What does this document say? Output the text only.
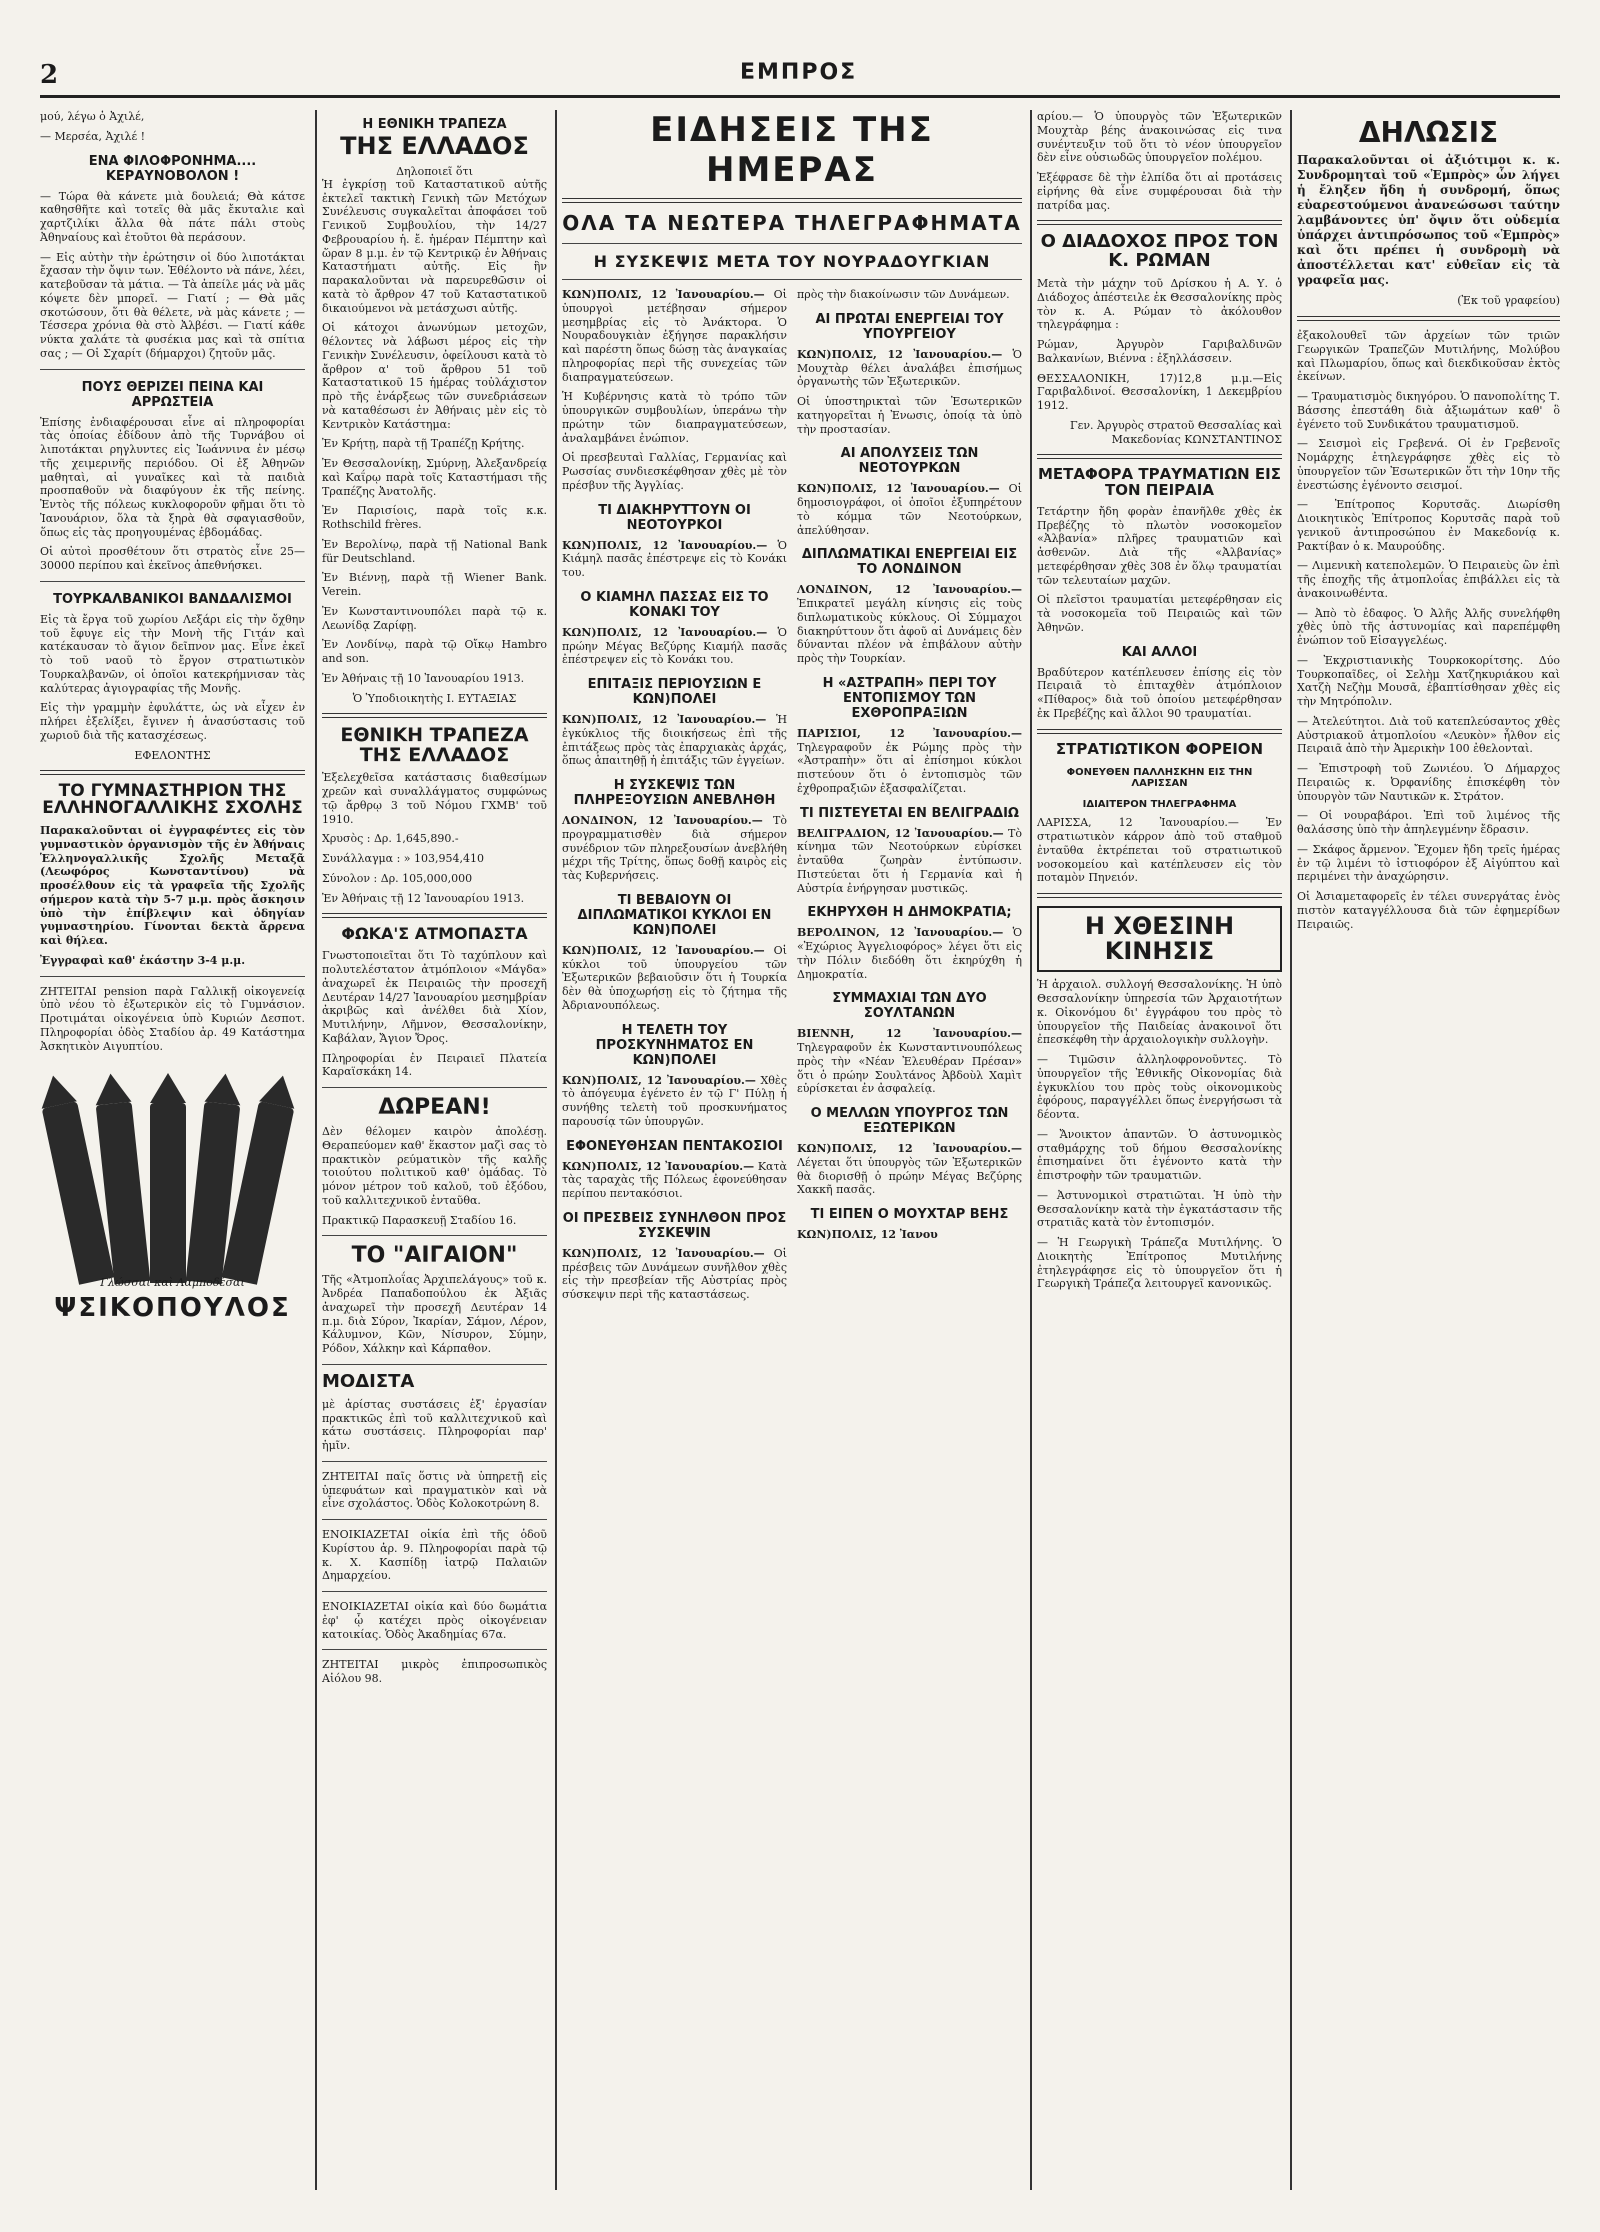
2	ΕΜΠΡΟΣ

μού, λέγω ὁ Ἀχιλέ,

— Μερσέα, Ἀχιλέ !

ΕΝΑ ΦΙΛΟΦΡΟΝΗΜΑ.... ΚΕΡΑΥΝΟΒΟΛΟΝ !

— Τώρα θὰ κάνετε μιὰ δουλειά; Θὰ κάτσε καθησθῆτε καὶ τοτεῖς θὰ μᾶς ἔκυταλιε καὶ χαρτζιλίκι ἄλλα θὰ πάτε πάλι στοὺς Ἀθηναίους καὶ ἐτοῦτοι θὰ περάσουν.

— Εἰς αὐτὴν τὴν ἐρώτησιν οἱ δύο λιποτάκται ἔχασαν τὴν ὄψιν των. Ἐθέλοντο νὰ πάνε, λέει, κατεβοῦσαν τὰ μάτια. — Τὰ ἀπείλε μάς νὰ μᾶς κόψετε δὲν μπορεῖ. — Γιατί ; — Θὰ μᾶς σκοτώσουν, ὅτι θὰ θέλετε, νὰ μὰς κάνετε ; — Τέσσερα χρόνια θὰ στὸ Ἀλβέσι. — Γιατί κάθε νύκτα χαλάτε τὰ φυσέκια μας καὶ τὰ σπίτια σας ; — Οἱ Σχαρίτ (δήμαρχοι) ζητοῦν μᾶς.

ΠΟΥΣ ΘΕΡΙΖΕΙ ΠΕΙΝΑ ΚΑΙ ΑΡΡΩΣΤΕΙΑ

Ἐπίσης ἐνδιαφέρουσαι εἶνε αἱ πληροφορίαι τὰς ὁποίας ἐδίδουν ἀπὸ τῆς Τυρνάβου οἱ λιποτάκται ρηγλυντες εἰς Ἰωάννινα ἐν μέσῳ τῆς χειμερινῆς περιόδου. Οἱ ἐξ Ἀθηνῶν μαθηταὶ, αἱ γυναῖκες καὶ τὰ παιδιὰ προσπαθοῦν νὰ διαφύγουν ἐκ τῆς πείνης. Ἐντὸς τῆς πόλεως κυκλοφοροῦν φῆμαι ὅτι τὸ Ἰανουάριον, ὅλα τὰ ξηρὰ θὰ σφαγιασθοῦν, ὅπως εἰς τὰς προηγουμένας ἐβδομάδας.

Οἱ αὐτοὶ προσθέτουν ὅτι στρατὸς εἶνε 25—30000 περίπου καὶ ἐκεῖνος ἀπεθνήσκει.

ΤΟΥΡΚΑΛΒΑΝΙΚΟΙ ΒΑΝΔΑΛΙΣΜΟΙ

Εἰς τὰ ἔργα τοῦ χωρίου Λεξάρι εἰς τὴν ὄχθην τοῦ ἔφυγε εἰς τὴν Μονὴ τῆς Γιτάν καὶ κατέκαυσαν τὸ ἅγιον δεῖπνον μας. Εἶνε ἐκεῖ τὸ τοῦ ναοῦ τὸ ἔργον στρατιωτικὸν Τουρκαλβανῶν, οἱ ὁποῖοι κατεκρήμνισαν τὰς καλύτερας ἀγιογραφίας τῆς Μονῆς.

Εἰς τὴν γραμμὴν ἐφυλάττε, ὡς νὰ εἶχεν ἐν πλήρει ἐξελίξει, ἔγινεν ἡ ἀνασύστασις τοῦ χωριοῦ διὰ τῆς κατασχέσεως.

ΕΦΕΛΟΝΤΗΣ
ΤΟ ΓΥΜΝΑΣΤΗΡΙΟΝ ΤΗΣ ΕΛΛΗΝΟΓΑΛΛΙΚΗΣ ΣΧΟΛΗΣ

Παρακαλοῦνται οἱ ἐγγραφέντες εἰς τὸν γυμναστικὸν ὀργανισμὸν τῆς ἐν Ἀθήναις Ἑλληνογαλλικῆς Σχολῆς Μεταξᾶ (Λεωφόρος Κωνσταντίνου) νὰ προσέλθουν εἰς τὰ γραφεῖα τῆς Σχολῆς σήμερον κατὰ τὴν 5-7 μ.μ. πρὸς ἄσκησιν ὑπὸ τὴν ἐπίβλεψιν καὶ ὁδηγίαν γυμναστηρίου. Γίνονται δεκτὰ ἄρρενα καὶ θήλεα.

Ἐγγραφαὶ καθ' ἑκάστην 3-4 μ.μ.

ΖΗΤΕΙΤΑΙ pension παρὰ Γαλλικῇ οἰκογενείᾳ ὑπὸ νέου τὸ ἐξωτερικὸν εἰς τὸ Γυμνάσιον. Προτιμάται οἰκογένεια ὑπὸ Κυριών Δεσποτ. Πληροφορίαι ὁδὸς Σταδίου ἀρ. 49 Κατάστημα Ἀσκητικὸν Αιγυπτίου.

Γλώσσαι καὶ Λαμποδέσαι
ΨΣΙΚΟΠΟΥΛΟΣ
Η ΕΘΝΙΚΗ ΤΡΑΠΕΖΑ
ΤΗΣ ΕΛΛΑΔΟΣ
Δηλοποιεῖ ὅτι

Ἡ ἐγκρίσῃ τοῦ Καταστατικοῦ αὐτῆς ἐκτελεῖ τακτικὴ Γενικὴ τῶν Μετόχων Συνέλευσις συγκαλεῖται ἀποφάσει τοῦ Γενικοῦ Συμβουλίου, τὴν 14/27 Φεβρουαρίου ἡ. ἔ. ἡμέραν Πέμπτην καὶ ὥραν 8 μ.μ. ἐν τῷ Κεντρικῷ ἐν Ἀθήναις Καταστήματι αὐτῆς. Εἰς ἣν παρακαλοῦνται νὰ παρευρεθῶσιν οἱ κατὰ τὸ ἄρθρον 47 τοῦ Καταστατικοῦ δικαιούμενοι νὰ μετάσχωσι αὐτῆς.

Οἱ κάτοχοι ἀνωνύμων μετοχῶν, θέλοντες νὰ λάβωσι μέρος εἰς τὴν Γενικὴν Συνέλευσιν, ὀφείλουσι κατὰ τὸ ἄρθρον α' τοῦ ἄρθρου 51 τοῦ Καταστατικοῦ 15 ἡμέρας τοὐλάχιστον πρὸ τῆς ἐνάρξεως τῶν συνεδριάσεων νὰ καταθέσωσι ἐν Ἀθήναις μὲν εἰς τὸ Κεντρικὸν Κατάστημα:

Ἐν Κρήτῃ, παρὰ τῇ Τραπέζῃ Κρήτης.

Ἐν Θεσσαλονίκῃ, Σμύρνῃ, Ἀλεξανδρείᾳ καὶ Καΐρῳ παρὰ τοῖς Καταστήμασι τῆς Τραπέζης Ἀνατολῆς.

Ἐν Παρισίοις, παρὰ τοῖς κ.κ. Rothschild frères.

Ἐν Βερολίνῳ, παρὰ τῇ National Bank für Deutschland.

Ἐν Βιέννῃ, παρὰ τῇ Wiener Bank. Verein.

Ἐν Κωνσταντινουπόλει παρὰ τῷ κ. Λεωνίδᾳ Ζαρίφῃ.

Ἐν Λονδίνῳ, παρὰ τῷ Οἴκῳ Hambro and son.

Ἐν Ἀθήναις τῇ 10 Ἰανουαρίου 1913.

Ὁ Ὑποδιοικητὴς Ι. ΕΥΤΑΞΙΑΣ
ΕΘΝΙΚΗ ΤΡΑΠΕΖΑ ΤΗΣ ΕΛΛΑΔΟΣ

Ἐξελεχθεῖσα κατάστασις διαθεσίμων χρεῶν καὶ συναλλάγματος συμφώνως τῷ ἄρθρῳ 3 τοῦ Νόμου ΓΧΜΒ' τοῦ 1910.

Χρυσὸς : Δρ. 1,645,890.-

Συνάλλαγμα : » 103,954,410

Σύνολον : Δρ. 105,000,000

Ἐν Ἀθήναις τῇ 12 Ἰανουαρίου 1913.

ΦΩΚΑ'Σ ΑΤΜΟΠΑΣΤΑ

Γνωστοποιεῖται ὅτι Τὸ ταχύπλουν καὶ πολυτελέστατον ἀτμόπλοιον «Μάγδα» ἀναχωρεῖ ἐκ Πειραιῶς τὴν προσεχῆ Δευτέραν 14/27 Ἰανουαρίου μεσημβρίαν ἀκριβῶς καὶ ἀνέλθει διὰ Χίον, Μυτιλήνην, Λῆμνον, Θεσσαλονίκην, Καβάλαν, Ἄγιον Ὄρος.

Πληροφορίαι ἐν Πειραιεῖ Πλατεία Καραϊσκάκη 14.

ΔΩΡΕΑΝ!

Δὲν θέλομεν καιρὸν ἀπολέσῃ. Θεραπεύομεν καθ' ἕκαστον μαζὶ σας τὸ πρακτικὸν ρεύματικὸν τῆς καλῆς τοιούτου πολιτικοῦ καθ' ὁμάδας. Τὸ μόνον μέτρον τοῦ καλοῦ, τοῦ ἐξόδου, τοῦ καλλιτεχνικοῦ ἐνταῦθα.

Πρακτικῷ Παρασκευῇ Σταδίου 16.

ΤΟ "ΑΙΓΑΙΟΝ"

Τῆς «Ἀτμοπλοΐας Ἀρχιπελάγους» τοῦ κ. Ἀνδρέα Παπαδοπούλου ἐκ Ἀξιᾶς ἀναχωρεῖ τὴν προσεχῆ Δευτέραν 14 π.μ. διὰ Σύρον, Ἰκαρίαν, Σάμον, Λέρον, Κάλυμνον, Κῶν, Νίσυρον, Σύμην, Ρόδον, Χάλκην καὶ Κάρπαθον.

ΜΟΔΙΣΤΑ

μὲ ἀρίστας συστάσεις ἐξ' ἐργασίαν πρακτικῶς ἐπὶ τοῦ καλλιτεχνικοῦ καὶ κάτω συστάσεις. Πληροφορίαι παρ' ἡμῖν.

ΖΗΤΕΙΤΑΙ παῖς ὅστις νὰ ὑπηρετῇ εἰς ὑπεφυάτων καὶ πραγματικὸν καὶ νὰ εἶνε σχολάστος. Ὁδὸς Κολοκοτρώνη 8.

ΕΝΟΙΚΙΑΖΕΤΑΙ οἰκία ἐπὶ τῆς ὁδοῦ Κυρίστου ἀρ. 9. Πληροφορίαι παρὰ τῷ κ. Χ. Κασπίδῃ ἰατρῷ Παλαιῶν Δημαρχείου.

ΕΝΟΙΚΙΑΖΕΤΑΙ οἰκία καὶ δύο δωμάτια ἐφ' ᾧ κατέχει πρὸς οἰκογένειαν κατοικίας. Ὁδὸς Ἀκαδημίας 67α.

ΖΗΤΕΙΤΑΙ μικρὸς ἐπιπροσωπικὸς Αἰόλου 98.

ΕΙΔΗΣΕΙΣ ΤΗΣ ΗΜΕΡΑΣ
ΟΛΑ ΤΑ ΝΕΩΤΕΡΑ ΤΗΛΕΓΡΑΦΗΜΑΤΑ
Η ΣΥΣΚΕΨΙΣ ΜΕΤΑ ΤΟΥ ΝΟΥΡΑΔΟΥΓΚΙΑΝ

ΚΩΝ)ΠΟΛΙΣ, 12 Ἰανουαρίου.— Οἱ ὑπουργοὶ μετέβησαν σήμερον μεσημβρίας εἰς τὸ Ἀνάκτορα. Ὁ Νουραδουγκιὰν ἐξήγησε παρακλήσιν καὶ παρέστη ὅπως δώσῃ τὰς ἀναγκαίας πληροφορίας περὶ τῆς συνεχείας τῶν διαπραγματεύσεων.

Ἡ Κυβέρνησις κατὰ τὸ τρόπο τῶν ὑπουργικῶν συμβουλίων, ὑπεράνω τὴν πρώτην τῶν διαπραγματεύσεων, ἀναλαμβάνει ἐνώπιον.

Οἱ πρεσβευταὶ Γαλλίας, Γερμανίας καὶ Ρωσσίας συνδιεσκέφθησαν χθὲς μὲ τὸν πρέσβυν τῆς Ἀγγλίας.

ΤΙ ΔΙΑΚΗΡΥΤΤΟΥΝ ΟΙ ΝΕΟΤΟΥΡΚΟΙ

ΚΩΝ)ΠΟΛΙΣ, 12 Ἰανουαρίου.— Ὁ Κιάμηλ πασᾶς ἐπέστρεψε εἰς τὸ Κονάκι του.

Ο ΚΙΑΜΗΛ ΠΑΣΣΑΣ ΕΙΣ ΤΟ ΚΟΝΑΚΙ ΤΟΥ

ΚΩΝ)ΠΟΛΙΣ, 12 Ἰανουαρίου.— Ὁ πρώην Μέγας Βεζύρης Κιαμήλ πασᾶς ἐπέστρεψεν εἰς τὸ Κονάκι του.

ΕΠΙΤΑΞΙΣ ΠΕΡΙΟΥΣΙΩΝ Ε ΚΩΝ)ΠΟΛΕΙ

ΚΩΝ)ΠΟΛΙΣ, 12 Ἰανουαρίου.— Ἡ ἐγκύκλιος τῆς διοικήσεως ἐπὶ τῆς ἐπιτάξεως πρὸς τὰς ἐπαρχιακὰς ἀρχάς, ὅπως ἀπαιτηθῇ ἡ ἐπιτάξις τῶν ἐγγείων.

Η ΣΥΣΚΕΨΙΣ ΤΩΝ ΠΛΗΡΕΞΟΥΣΙΩΝ ΑΝΕΒΛΗΘΗ

ΛΟΝΔΙΝΟΝ, 12 Ἰανουαρίου.— Τὸ προγραμματισθὲν διὰ σήμερον συνέδριον τῶν πληρεξουσίων ἀνεβλήθη μέχρι τῆς Τρίτης, ὅπως δοθῇ καιρὸς εἰς τὰς Κυβερνήσεις.

ΤΙ ΒΕΒΑΙΟΥΝ ΟΙ ΔΙΠΛΩΜΑΤΙΚΟΙ ΚΥΚΛΟΙ ΕΝ ΚΩΝ)ΠΟΛΕΙ

ΚΩΝ)ΠΟΛΙΣ, 12 Ἰανουαρίου.— Οἱ κύκλοι τοῦ ὑπουργείου τῶν Ἐξωτερικῶν βεβαιοῦσιν ὅτι ἡ Τουρκία δὲν θὰ ὑποχωρήσῃ εἰς τὸ ζήτημα τῆς Ἀδριανουπόλεως.

Η ΤΕΛΕΤΗ ΤΟΥ ΠΡΟΣΚΥΝΗΜΑΤΟΣ ΕΝ ΚΩΝ)ΠΟΛΕΙ

ΚΩΝ)ΠΟΛΙΣ, 12 Ἰανουαρίου.— Χθὲς τὸ ἀπόγευμα ἐγένετο ἐν τῷ Γ' Πύλῃ ἡ συνήθης τελετὴ τοῦ προσκυνήματος παρουσίᾳ τῶν ὑπουργῶν.

ΕΦΟΝΕΥΘΗΣΑΝ ΠΕΝΤΑΚΟΣΙΟΙ

ΚΩΝ)ΠΟΛΙΣ, 12 Ἰανουαρίου.— Κατὰ τὰς ταραχὰς τῆς Πόλεως ἐφονεύθησαν περίπου πεντακόσιοι.

ΟΙ ΠΡΕΣΒΕΙΣ ΣΥΝΗΛΘΟΝ ΠΡΟΣ ΣΥΣΚΕΨΙΝ

ΚΩΝ)ΠΟΛΙΣ, 12 Ἰανουαρίου.— Οἱ πρέσβεις τῶν Δυνάμεων συνῆλθον χθὲς εἰς τὴν πρεσβείαν τῆς Αὐστρίας πρὸς σύσκεψιν περὶ τῆς καταστάσεως.

πρὸς τὴν διακοίνωσιν τῶν Δυνάμεων.

ΑΙ ΠΡΩΤΑΙ ΕΝΕΡΓΕΙΑΙ ΤΟΥ ΥΠΟΥΡΓΕΙΟΥ

ΚΩΝ)ΠΟΛΙΣ, 12 Ἰανουαρίου.— Ὁ Μουχτὰρ θέλει ἀναλάβει ἐπισήμως ὀργανωτὴς τῶν Ἐξωτερικῶν.

Οἱ ὑποστηρικταὶ τῶν Ἐσωτερικῶν κατηγορεῖται ἡ Ἐνωσις, ὁποίᾳ τὰ ὑπὸ τὴν προστασίαν.

ΑΙ ΑΠΟΛΥΣΕΙΣ ΤΩΝ ΝΕΟΤΟΥΡΚΩΝ

ΚΩΝ)ΠΟΛΙΣ, 12 Ἰανουαρίου.— Οἱ δημοσιογράφοι, οἱ ὁποῖοι ἐξυπηρέτουν τὸ κόμμα τῶν Νεοτούρκων, ἀπελύθησαν.

ΔΙΠΛΩΜΑΤΙΚΑΙ ΕΝΕΡΓΕΙΑΙ ΕΙΣ ΤΟ ΛΟΝΔΙΝΟΝ

ΛΟΝΔΙΝΟΝ, 12 Ἰανουαρίου.— Ἐπικρατεῖ μεγάλη κίνησις εἰς τοὺς διπλωματικοὺς κύκλους. Οἱ Σύμμαχοι διακηρύττουν ὅτι ἀφοῦ αἱ Δυνάμεις δὲν δύνανται πλέον νὰ ἐπιβάλουν αὐτὴν πρὸς τὴν Τουρκίαν.

Η «ΑΣΤΡΑΠΗ» ΠΕΡΙ ΤΟΥ ΕΝΤΟΠΙΣΜΟΥ ΤΩΝ ΕΧΘΡΟΠΡΑΞΙΩΝ

ΠΑΡΙΣΙΟΙ, 12 Ἰανουαρίου.— Τηλεγραφοῦν ἐκ Ρώμης πρὸς τὴν «Ἀστραπὴν» ὅτι αἱ ἐπίσημοι κύκλοι πιστεύουν ὅτι ὁ ἐντοπισμὸς τῶν ἐχθροπραξιῶν ἐξασφαλίζεται.

ΤΙ ΠΙΣΤΕΥΕΤΑΙ ΕΝ ΒΕΛΙΓΡΑΔΙΩ

ΒΕΛΙΓΡΑΔΙΟΝ, 12 Ἰανουαρίου.— Τὸ κίνημα τῶν Νεοτούρκων εὑρίσκει ἐνταῦθα ζωηρὰν ἐντύπωσιν. Πιστεύεται ὅτι ἡ Γερμανία καὶ ἡ Αὐστρία ἐνήργησαν μυστικῶς.

ΕΚΗΡΥΧΘΗ Η ΔΗΜΟΚΡΑΤΙΑ;

ΒΕΡΟΛΙΝΟΝ, 12 Ἰανουαρίου.— Ὁ «Ἐχώριος Ἀγγελιοφόρος» λέγει ὅτι εἰς τὴν Πόλιν διεδόθη ὅτι ἐκηρύχθη ἡ Δημοκρατία.

ΣΥΜΜΑΧΙΑΙ ΤΩΝ ΔΥΟ ΣΟΥΛΤΑΝΩΝ

ΒΙΕΝΝΗ, 12 Ἰανουαρίου.— Τηλεγραφοῦν ἐκ Κωνσταντινουπόλεως πρὸς τὴν «Νέαν Ἐλευθέραν Πρέσαν» ὅτι ὁ πρώην Σουλτάνος Ἀβδοὺλ Χαμὶτ εὑρίσκεται ἐν ἀσφαλείᾳ.

Ο ΜΕΛΛΩΝ ΥΠΟΥΡΓΟΣ ΤΩΝ ΕΞΩΤΕΡΙΚΩΝ

ΚΩΝ)ΠΟΛΙΣ, 12 Ἰανουαρίου.— Λέγεται ὅτι ὑπουργὸς τῶν Ἐξωτερικῶν θὰ διορισθῇ ὁ πρώην Μέγας Βεζύρης Χακκῆ πασᾶς.

ΤΙ ΕΙΠΕΝ Ο ΜΟΥΧΤΑΡ ΒΕΗΣ

ΚΩΝ)ΠΟΛΙΣ, 12 Ἰανου

αρίου.— Ὁ ὑπουργὸς τῶν Ἐξωτερικῶν Μουχτὰρ βέης ἀνακοινώσας εἰς τινα συνέντευξιν τοῦ ὅτι τὸ νέον ὑπουργεῖον δὲν εἶνε οὐσιωδῶς ὑπουργεῖον πολέμου.

Ἐξέφρασε δὲ τὴν ἐλπίδα ὅτι αἱ προτάσεις εἰρήνης θὰ εἶνε συμφέρουσαι διὰ τὴν πατρίδα μας.

Ο ΔΙΑΔΟΧΟΣ ΠΡΟΣ ΤΟΝ Κ. ΡΩΜΑΝ

Μετὰ τὴν μάχην τοῦ Δρίσκου ἡ Α. Υ. ὁ Διάδοχος ἀπέστειλε ἐκ Θεσσαλονίκης πρὸς τὸν κ. Α. Ρώμαν τὸ ἀκόλουθον τηλεγράφημα :

Ρώμαν, Ἀργυρὸν Γαριβαλδινῶν Βαλκανίων, Βιέννα : ἐξηλλάσσειν.

ΘΕΣΣΑΛΟΝΙΚΗ, 17)12,8 μ.μ.—Εἰς Γαριβαλδινοί. Θεσσαλονίκη, 1 Δεκεμβρίου 1912.

Γεν. Ἀργυρὸς στρατοῦ Θεσσαλίας καὶ Μακεδονίας ΚΩΝΣΤΑΝΤΙΝΟΣ

ΜΕΤΑΦΟΡΑ ΤΡΑΥΜΑΤΙΩΝ ΕΙΣ ΤΟΝ ΠΕΙΡΑΙΑ

Τετάρτην ἤδη φορὰν ἐπανῆλθε χθὲς ἐκ Πρεβέζης τὸ πλωτὸν νοσοκομεῖον «Ἀλβανία» πλῆρες τραυματιῶν καὶ ἀσθενῶν. Διὰ τῆς «Ἀλβανίας» μετεφέρθησαν χθὲς 308 ἐν ὅλῳ τραυματίαι τῶν τελευταίων μαχῶν.

Οἱ πλεῖστοι τραυματίαι μετεφέρθησαν εἰς τὰ νοσοκομεῖα τοῦ Πειραιῶς καὶ τῶν Ἀθηνῶν.

ΚΑΙ ΑΛΛΟΙ

Βραδύτερον κατέπλευσεν ἐπίσης εἰς τὸν Πειραιᾶ τὸ ἐπιταχθὲν ἀτμόπλοιον «Πίθαρος» διὰ τοῦ ὁποίου μετεφέρθησαν ἐκ Πρεβέζης καὶ ἄλλοι 90 τραυματίαι.

ΣΤΡΑΤΙΩΤΙΚΟΝ ΦΟΡΕΙΟΝ
ΦΟΝΕΥΘΕΝ ΠΑΛΛΗΣΚΗΝ ΕΙΣ ΤΗΝ ΛΑΡΙΣΣΑΝ
ΙΔΙΑΙΤΕΡΟΝ ΤΗΛΕΓΡΑΦΗΜΑ

ΛΑΡΙΣΣΑ, 12 Ἰανουαρίου.— Ἐν στρατιωτικὸν κάρρον ἀπὸ τοῦ σταθμοῦ ἐνταῦθα ἐκτρέπεται τοῦ στρατιωτικοῦ νοσοκομείου καὶ κατέπλευσεν εἰς τὸν ποταμὸν Πηνειόν.

Η ΧΘΕΣΙΝΗ ΚΙΝΗΣΙΣ

Ἡ ἀρχαιολ. συλλογή Θεσσαλονίκης. Ἡ ὑπὸ Θεσσαλονίκην ὑπηρεσία τῶν Ἀρχαιοτήτων κ. Οἰκονόμου δι' ἐγγράφου του πρὸς τὸ ὑπουργεῖον τῆς Παιδείας ἀνακοινοῖ ὅτι ἐπεσκέφθη τὴν ἀρχαιολογικὴν συλλογὴν.

— Τιμῶσιν ἀλληλοφρονοῦντες. Τὸ ὑπουργεῖον τῆς Ἐθνικῆς Οἰκονομίας διὰ ἐγκυκλίου του πρὸς τοὺς οἰκονομικοὺς ἐφόρους, παραγγέλλει ὅπως ἐνεργήσωσι τὰ δέοντα.

— Ἄνοικτον ἀπαντῶν. Ὁ ἀστυνομικὸς σταθμάρχης τοῦ δήμου Θεσσαλονίκης ἐπισημαίνει ὅτι ἐγένοντο κατὰ τὴν ἐπιστροφὴν τῶν τραυματιῶν.

— Ἀστυνομικοὶ στρατιῶται. Ἡ ὑπὸ τὴν Θεσσαλονίκην κατὰ τὴν ἐγκατάστασιν τῆς στρατιᾶς κατὰ τὸν ἐντοπισμόν.

— Ἡ Γεωργικὴ Τράπεζα Μυτιλήνης. Ὁ Διοικητὴς Ἐπίτροπος Μυτιλήνης ἐτηλεγράφησε εἰς τὸ ὑπουργεῖον ὅτι ἡ Γεωργικὴ Τράπεζα λειτουργεῖ κανονικῶς.

ΔΗΛΩΣΙΣ

Παρακαλοῦνται οἱ ἀξιότιμοι κ. κ. Συνδρομηταὶ τοῦ «Ἐμπρὸς» ὧν λήγει ἡ ἔληξεν ἤδη ἡ συνδρομή, ὅπως εὐαρεστούμενοι ἀνανεώσωσι ταύτην λαμβάνοντες ὑπ' ὄψιν ὅτι οὐδεμία ὑπάρχει ἀντιπρόσωπος τοῦ «Ἐμπρὸς» καὶ ὅτι πρέπει ἡ συνδρομὴ νὰ ἀποστέλλεται κατ' εὐθεῖαν εἰς τὰ γραφεῖα μας.

(Ἐκ τοῦ γραφείου)

ἐξακολουθεῖ τῶν ἀρχείων τῶν τριῶν Γεωργικῶν Τραπεζῶν Μυτιλήνης, Μολύβου καὶ Πλωμαρίου, ὅπως καὶ διεκδικοῦσαν ἐκτὸς ἐκείνων.

— Τραυματισμὸς δικηγόρου. Ὁ πανοπολίτης Τ. Βάσσης ἐπεστάθη διὰ ἀξιωμάτων καθ' ὃ ἐγένετο τοῦ Συνδικάτου τραυματισμοῦ.

— Σεισμοὶ εἰς Γρεβενά. Οἱ ἐν Γρεβενοῖς Νομάρχης ἐτηλεγράφησε χθὲς εἰς τὸ ὑπουργεῖον τῶν Ἐσωτερικῶν ὅτι τὴν 10ην τῆς ἐνεστώσης ἐγένοντο σεισμοί.

— Ἐπίτροπος Κορυτσᾶς. Διωρίσθη Διοικητικὸς Ἐπίτροπος Κορυτσᾶς παρὰ τοῦ γενικοῦ ἀντιπροσώπου ἐν Μακεδονίᾳ κ. Ρακτίβαν ὁ κ. Μαυρούδης.

— Λιμενικὴ κατεπολεμῶν. Ὁ Πειραιεὺς ὢν ἐπὶ τῆς ἐποχῆς τῆς ἀτμοπλοΐας ἐπιβάλλει εἰς τὰ ἀνακοινωθέντα.

— Ἀπὸ τὸ ἐδαφος. Ὁ Ἀλῆς Ἀλῆς συνελήφθη χθὲς ὑπὸ τῆς ἀστυνομίας καὶ παρεπέμφθη ἐνώπιον τοῦ Εἰσαγγελέως.

— Ἐκχριστιανικὴς Τουρκοκορίτσης. Δύο Τουρκοπαῖδες, οἱ Σελὴμ Χατζηκυριάκου καὶ Χατζὴ Νεζὴμ Μουσᾶ, ἐβαπτίσθησαν χθὲς εἰς τὴν Μητρόπολιν.

— Ἀτελεύτητοι. Διὰ τοῦ κατεπλεύσαντος χθὲς Αὐστριακοῦ ἀτμοπλοίου «Λευκὸν» ἦλθον εἰς Πειραιᾶ ἀπὸ τὴν Ἀμερικὴν 100 ἐθελονταὶ.

— Ἐπιστροφὴ τοῦ Ζωνιέου. Ὁ Δήμαρχος Πειραιῶς κ. Ὀρφανίδης ἐπισκέφθη τὸν ὑπουργὸν τῶν Ναυτικῶν κ. Στράτον.

— Οἱ νουραβάροι. Ἐπὶ τοῦ λιμένος τῆς θαλάσσης ὑπὸ τὴν ἀπηλεγμένην ἔδρασιν.

— Σκάφος ἄρμενον. Ἔχομεν ἤδη τρεῖς ἡμέρας ἐν τῷ λιμένι τὸ ἱστιοφόρον ἐξ Αἰγύπτου καὶ περιμένει τὴν ἀναχώρησιν.

Οἱ Ἀσιαμεταφορεῖς ἐν τέλει συνεργάτας ἑνὸς πιστὸν καταγγέλλουσα διὰ τῶν ἐφημερίδων Πειραιῶς.
